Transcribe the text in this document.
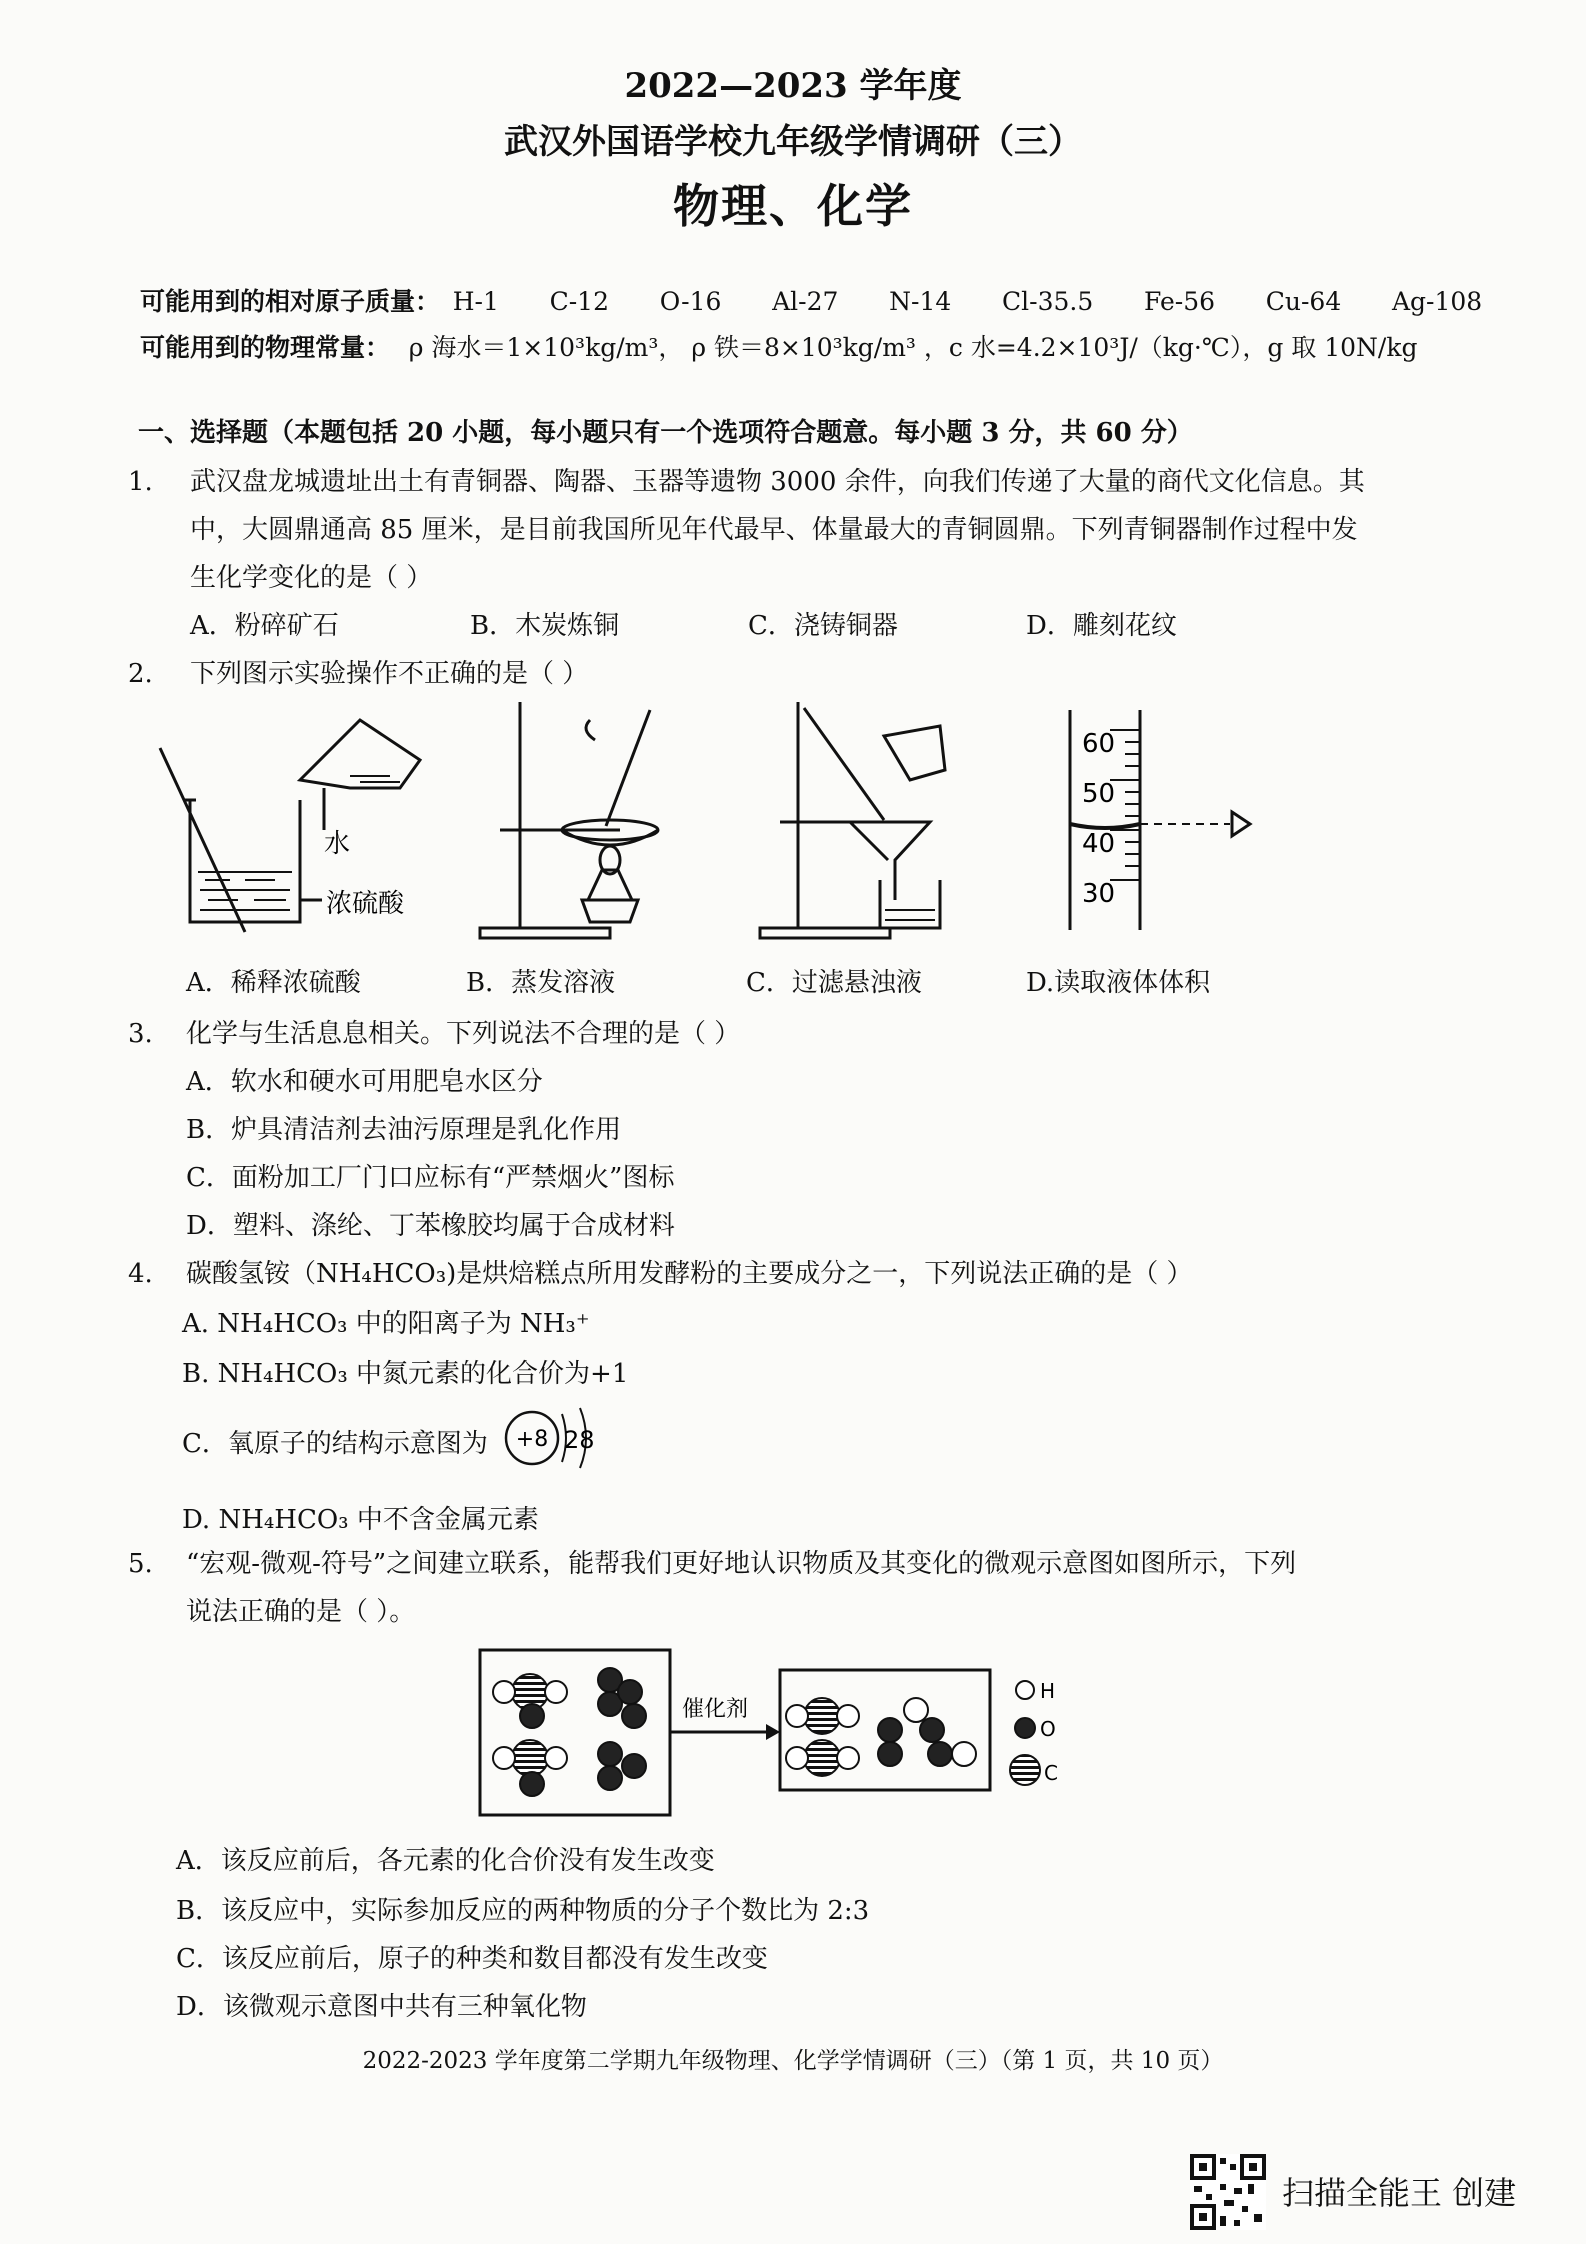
2022—2023 学年度
武汉外国语学校九年级学情调研（三）
物理、化学
可能用到的相对原子质量： H-1 C-12 O-16 Al-27 N-14 Cl-35.5 Fe-56 Cu-64 Ag-108
可能用到的物理常量： ρ 海水＝1×10³kg/m³， ρ 铁＝8×10³kg/m³ ，c 水=4.2×10³J/（kg·℃），g 取 10N/kg
一、选择题（本题包括 20 小题，每小题只有一个选项符合题意。每小题 3 分，共 60 分）
1. 武汉盘龙城遗址出土有青铜器、陶器、玉器等遗物 3000 余件，向我们传递了大量的商代文化信息。其
中，大圆鼎通高 85 厘米，是目前我国所见年代最早、体量最大的青铜圆鼎。下列青铜器制作过程中发
生化学变化的是（ ）
A．粉碎矿石	B．木炭炼铜	C．浇铸铜器	D．雕刻花纹
2. 下列图示实验操作不正确的是（ ）
水
浓硫酸
60
50
40
30
A．稀释浓硫酸	B．蒸发溶液	C．过滤悬浊液	D.读取液体体积
3. 化学与生活息息相关。下列说法不合理的是（ ）
A．软水和硬水可用肥皂水区分
B．炉具清洁剂去油污原理是乳化作用
C．面粉加工厂门口应标有“严禁烟火”图标
D．塑料、涤纶、丁苯橡胶均属于合成材料
4. 碳酸氢铵（NH₄HCO₃)是烘焙糕点所用发酵粉的主要成分之一，下列说法正确的是（ ）
A. NH₄HCO₃ 中的阳离子为 NH₃⁺
B. NH₄HCO₃ 中氮元素的化合价为+1
C．氧原子的结构示意图为
D. NH₄HCO₃ 中不含金属元素
+8 28
5. “宏观-微观-符号”之间建立联系，能帮我们更好地认识物质及其变化的微观示意图如图所示，下列
说法正确的是（ ）。
催化剂
H
O
C
A．该反应前后，各元素的化合价没有发生改变
B．该反应中，实际参加反应的两种物质的分子个数比为 2:3
C．该反应前后，原子的种类和数目都没有发生改变
D．该微观示意图中共有三种氧化物
2022-2023 学年度第二学期九年级物理、化学学情调研（三）（第 1 页，共 10 页）
扫描全能王 创建
